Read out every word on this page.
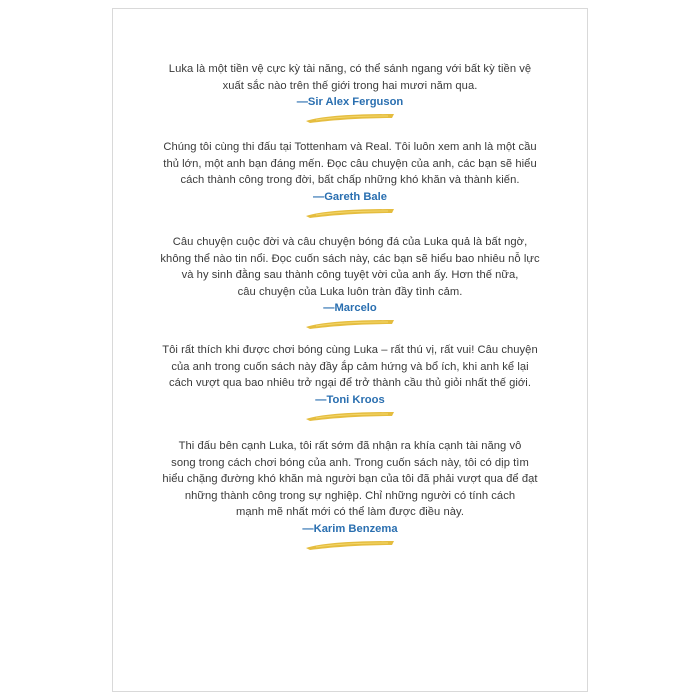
Luka là một tiền vệ cực kỳ tài năng, có thể sánh ngang với bất kỳ tiền vệ
xuất sắc nào trên thế giới trong hai mươi năm qua.

—Sir Alex Ferguson

Chúng tôi cùng thi đấu tại Tottenham và Real. Tôi luôn xem anh là một cầu
thủ lớn, một anh bạn đáng mến. Đọc câu chuyện của anh, các bạn sẽ hiểu
cách thành công trong đời, bất chấp những khó khăn và thành kiến.

—Gareth Bale

Câu chuyện cuộc đời và câu chuyện bóng đá của Luka quả là bất ngờ,
không thể nào tin nổi. Đọc cuốn sách này, các bạn sẽ hiểu bao nhiêu nỗ lực
và hy sinh đằng sau thành công tuyệt vời của anh ấy. Hơn thế nữa,
câu chuyện của Luka luôn tràn đầy tình cảm.

—Marcelo

Tôi rất thích khi được chơi bóng cùng Luka – rất thú vị, rất vui! Câu chuyện
của anh trong cuốn sách này đầy ắp cảm hứng và bổ ích, khi anh kể lại
cách vượt qua bao nhiêu trở ngại để trở thành cầu thủ giỏi nhất thế giới.

—Toni Kroos

Thi đấu bên cạnh Luka, tôi rất sớm đã nhận ra khía cạnh tài năng vô
song trong cách chơi bóng của anh. Trong cuốn sách này, tôi có dịp tìm
hiểu chặng đường khó khăn mà người bạn của tôi đã phải vượt qua để đạt
những thành công trong sự nghiệp. Chỉ những người có tính cách
mạnh mẽ nhất mới có thể làm được điều này.

—Karim Benzema
